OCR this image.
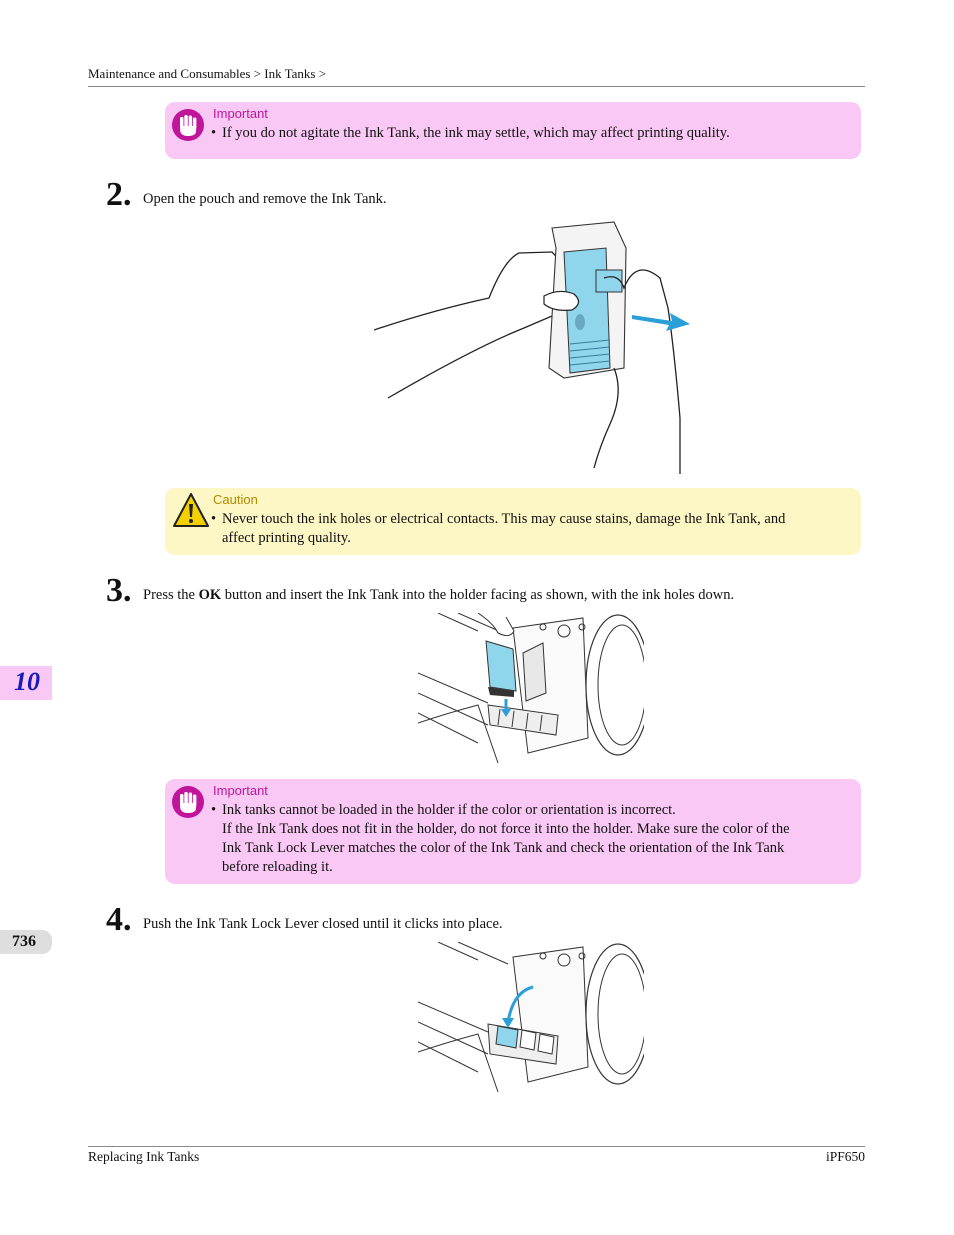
Maintenance and Consumables > Ink Tanks >
Important
• If you do not agitate the Ink Tank, the ink may settle, which may affect printing quality.
2. Open the pouch and remove the Ink Tank.
Caution
• Never touch the ink holes or electrical contacts. This may cause stains, damage the Ink Tank, and
affect printing quality.
3. Press the OK button and insert the Ink Tank into the holder facing as shown, with the ink holes down.
Important
• Ink tanks cannot be loaded in the holder if the color or orientation is incorrect.
If the Ink Tank does not fit in the holder, do not force it into the holder. Make sure the color of the
Ink Tank Lock Lever matches the color of the Ink Tank and check the orientation of the Ink Tank
before reloading it.
4. Push the Ink Tank Lock Lever closed until it clicks into place.
10
736
Replacing Ink Tanks	iPF650
